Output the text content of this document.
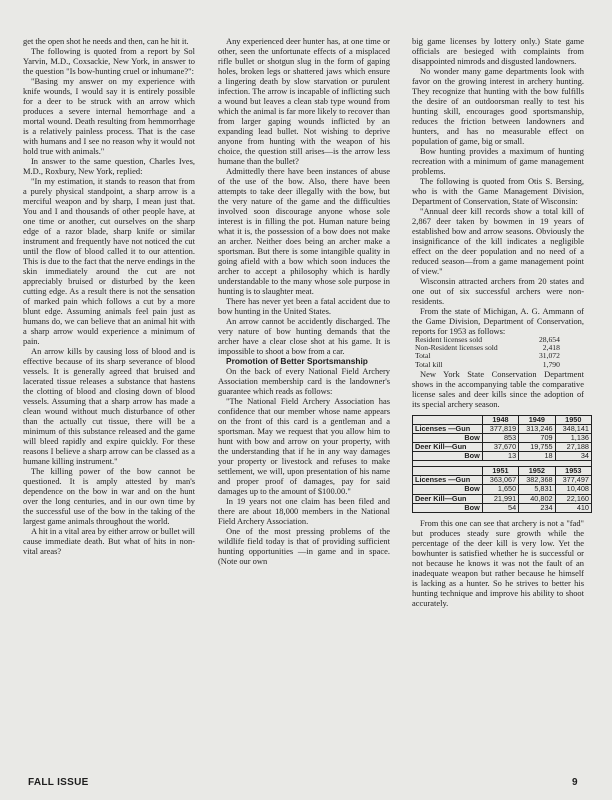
get the open shot he needs and then, can he hit it.

The following is quoted from a report by Sol Yarvin, M.D., Coxsackie, New York, in answer to the question "Is bow-hunting cruel or inhumane?":

"Basing my answer on my experience with knife wounds, I would say it is entirely possible for a deer to be struck with an arrow which produces a severe internal hemorrhage and a mortal wound. Death resulting from hemmorrhage is a relatively painless process. That is the case with humans and I see no reason why it would not hold true with animals."

In answer to the same question, Charles Ives, M.D., Roxbury, New York, replied:

"In my estimation, it stands to reason that from a purely physical standpoint, a sharp arrow is a merciful weapon and by sharp, I mean just that. You and I and thousands of other people have, at one time or another, cut ourselves on the sharp edge of a razor blade, sharp knife or similar instrument and frequently have not noticed the cut until the flow of blood called it to our attention. This is due to the fact that the nerve endings in the skin immediately around the cut are not appreciably bruised or disturbed by the keen cutting edge. As a result there is not the sensation of marked pain which follows a cut by a more blunt edge. Assuming animals feel pain just as humans do, we can believe that an animal hit with a sharp arrow would experience a minimum of pain.

An arrow kills by causing loss of blood and is effective because of its sharp severance of blood vessels. It is generally agreed that bruised and lacerated tissue releases a substance that hastens the clotting of blood and closing down of blood vessels. Assuming that a sharp arrow has made a clean wound without much disturbance of other than the actually cut tissue, there will be a minimum of this substance released and the game will bleed rapidly and expire quickly. For these reasons I believe a sharp arrow can be classed as a humane killing instrument."

The killing power of the bow cannot be questioned. It is amply attested by man's dependence on the bow in war and on the hunt over the long centuries, and in our own time by the successful use of the bow in the taking of the largest game animals throughout the world.

A hit in a vital area by either arrow or bullet will cause immediate death. But what of hits in non-vital areas?

Any experienced deer hunter has, at one time or other, seen the unfortunate effects of a misplaced rifle bullet or shotgun slug in the form of gaping holes, broken legs or shattered jaws which ensure a lingering death by slow starvation or purulent infection. The arrow is incapable of inflicting such a wound but leaves a clean stab type wound from which the animal is far more likely to recover than from larger gaping wounds inflicted by an expanding lead bullet. Not wishing to deprive anyone from hunting with the weapon of his choice, the question still arises—is the arrow less humane than the bullet?

Admittedly there have been instances of abuse of the use of the bow. Also, there have been attempts to take deer illegally with the bow, but the very nature of the game and the difficulties involved soon discourage anyone whose sole interest is in filling the pot. Human nature being what it is, the possession of a bow does not make an archer. Neither does being an archer make a sportsman. But there is some intangible quality in going afield with a bow which soon induces the archer to accept a philosophy which is hardly understandable to the many whose sole purpose in hunting is to slaughter meat.

There has never yet been a fatal accident due to bow hunting in the United States.

An arrow cannot be accidently discharged. The very nature of bow hunting demands that the archer have a clear close shot at his game. It is impossible to shoot a bow from a car.

Promotion of Better Sportsmanship

On the back of every National Field Archery Association membership card is the landowner's guarantee which reads as follows:

"The National Field Archery Association has confidence that our member whose name appears on the front of this card is a gentleman and a sportsman. May we request that you allow him to hunt with bow and arrow on your property, with the understanding that if he in any way damages your property or livestock and refuses to make settlement, we will, upon presentation of his name and proper proof of damages, pay for said damages up to the amount of $100.00."

In 19 years not one claim has been filed and there are about 18,000 members in the National Field Archery Association.

One of the most pressing problems of the wildlife field today is that of providing sufficient hunting opportunities —in game and in space. (Note our own

big game licenses by lottery only.) State game officials are besieged with complaints from disappointed nimrods and disgusted landowners.

No wonder many game departments look with favor on the growing interest in archery hunting. They recognize that hunting with the bow fulfills the desire of an outdoorsman really to test his hunting skill, encourages good sportsmanship, reduces the friction between landowners and hunters, and has no measurable effect on population of game, big or small.

Bow hunting provides a maximum of hunting recreation with a minimum of game management problems.

The following is quoted from Otis S. Bersing, who is with the Game Management Division, Department of Conservation, State of Wisconsin:

"Annual deer kill records show a total kill of 2,867 deer taken by bowmen in 19 years of established bow and arrow seasons. Obviously the insignificance of the kill indicates a negligible effect on the deer population and no need of a reduced season—from a game management point of view."

Wisconsin attracted archers from 20 states and one out of six successful archers were non-residents.

From the state of Michigan, A. G. Ammann of the Game Division, Department of Conservation, reports for 1953 as follows:

Resident licenses sold	28,654
Non-Resident licenses sold	2,418
Total	31,072
Total kill	1,790

New York State Conservation Department shows in the accompanying table the comparative license sales and deer kills since the adoption of its special archery season.

	1948	1949	1950
Licenses —Gun	377,819	313,246	348,141
Bow	853	709	1,136
Deer Kill—Gun	37,670	19,755	27,188
Bow	13	18	34

	1951	1952	1953
Licenses —Gun	363,067	382,368	377,497
Bow	1,650	5,831	10,408
Deer Kill—Gun	21,991	40,802	22,160
Bow	54	234	410

From this one can see that archery is not a "fad" but produces steady sure growth while the percentage of the deer kill is very low. Yet the bowhunter is satisfied whether he is successful or not because he knows it was not the fault of an inadequate weapon but rather because he himself is lacking as a hunter. So he strives to better his hunting technique and improve his ability to shoot accurately.

FALL ISSUE	9
